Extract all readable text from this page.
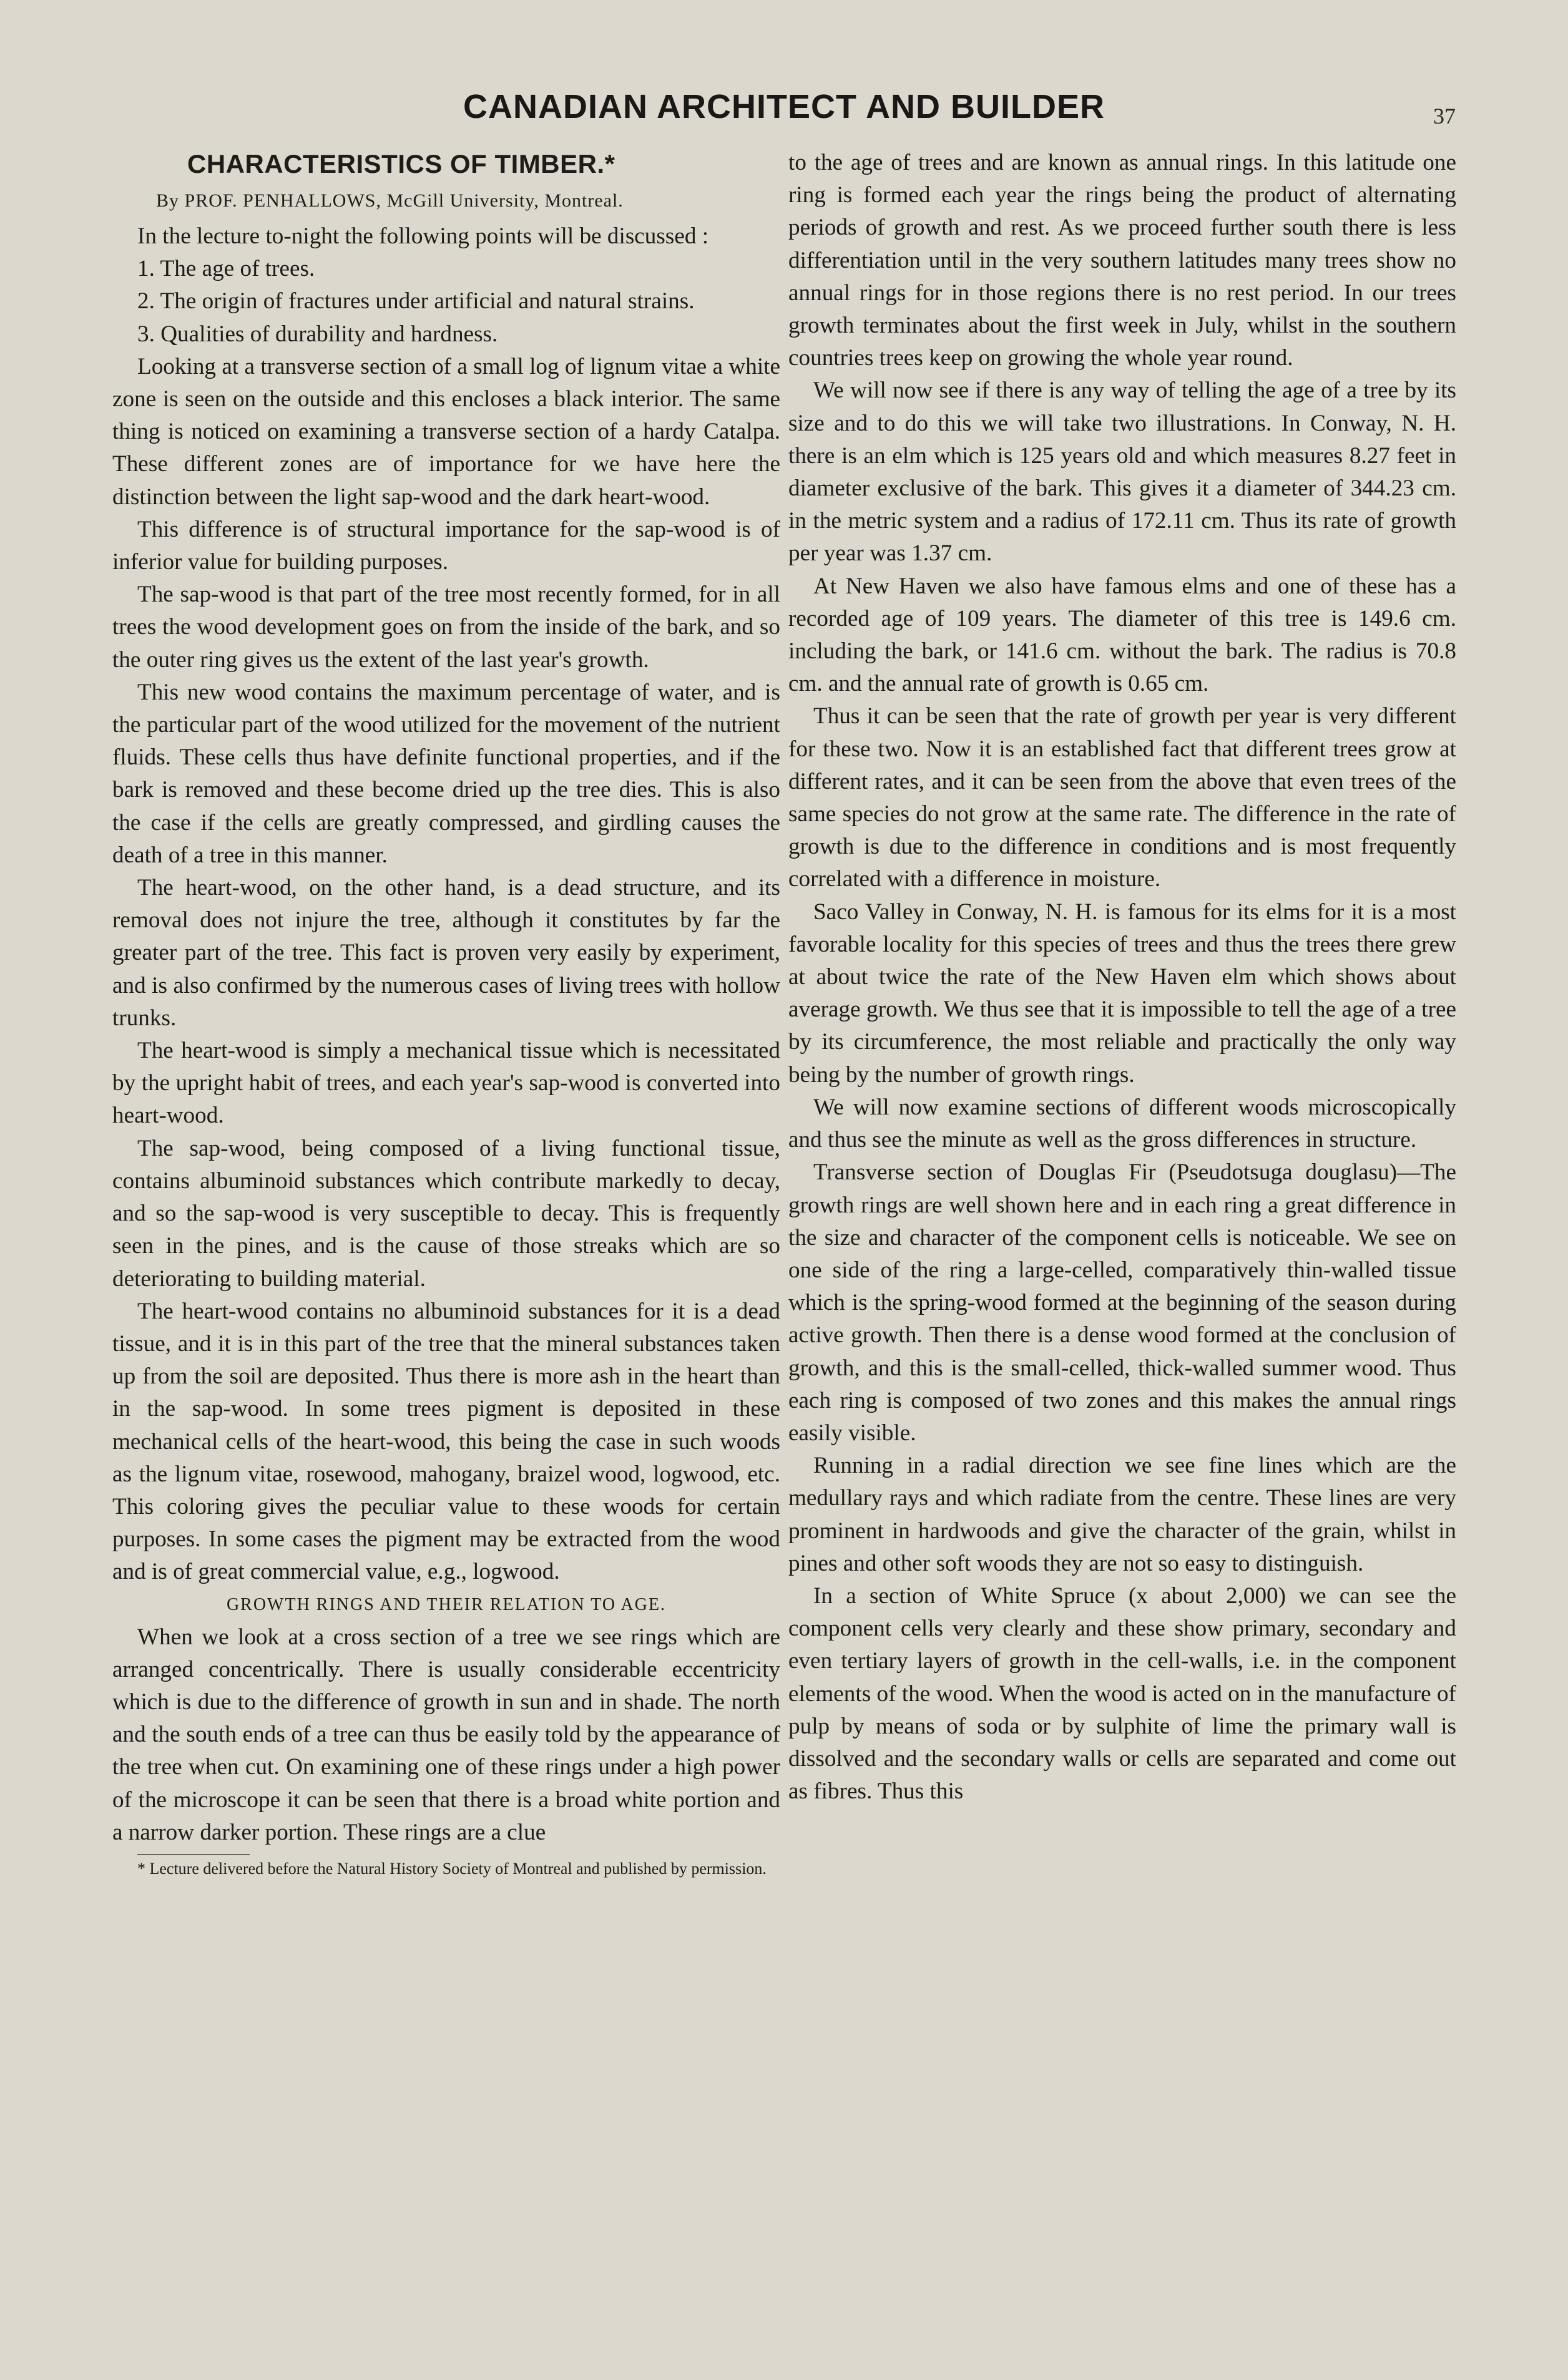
CANADIAN ARCHITECT AND BUILDER	37
CHARACTERISTICS OF TIMBER.*
By PROF. PENHALLOWS, McGill University, Montreal.

In the lecture to-night the following points will be discussed :

1. The age of trees.

2. The origin of fractures under artificial and natural strains.

3. Qualities of durability and hardness.

Looking at a transverse section of a small log of lignum vitae a white zone is seen on the outside and this encloses a black interior. The same thing is noticed on examining a transverse section of a hardy Catalpa. These different zones are of importance for we have here the distinction between the light sap-wood and the dark heart-wood.

This difference is of structural importance for the sap-wood is of inferior value for building purposes.

The sap-wood is that part of the tree most recently formed, for in all trees the wood development goes on from the inside of the bark, and so the outer ring gives us the extent of the last year's growth.

This new wood contains the maximum percentage of water, and is the particular part of the wood utilized for the movement of the nutrient fluids. These cells thus have definite functional properties, and if the bark is removed and these become dried up the tree dies. This is also the case if the cells are greatly compressed, and girdling causes the death of a tree in this manner.

The heart-wood, on the other hand, is a dead structure, and its removal does not injure the tree, although it constitutes by far the greater part of the tree. This fact is proven very easily by experiment, and is also confirmed by the numerous cases of living trees with hollow trunks.

The heart-wood is simply a mechanical tissue which is necessitated by the upright habit of trees, and each year's sap-wood is converted into heart-wood.

The sap-wood, being composed of a living functional tissue, contains albuminoid substances which contribute markedly to decay, and so the sap-wood is very susceptible to decay. This is frequently seen in the pines, and is the cause of those streaks which are so deteriorating to building material.

The heart-wood contains no albuminoid substances for it is a dead tissue, and it is in this part of the tree that the mineral substances taken up from the soil are deposited. Thus there is more ash in the heart than in the sap-wood. In some trees pigment is deposited in these mechanical cells of the heart-wood, this being the case in such woods as the lignum vitae, rosewood, mahogany, braizel wood, logwood, etc. This coloring gives the peculiar value to these woods for certain purposes. In some cases the pigment may be extracted from the wood and is of great commercial value, e.g., logwood.

GROWTH RINGS AND THEIR RELATION TO AGE.

When we look at a cross section of a tree we see rings which are arranged concentrically. There is usually considerable eccentricity which is due to the difference of growth in sun and in shade. The north and the south ends of a tree can thus be easily told by the appearance of the tree when cut. On examining one of these rings under a high power of the microscope it can be seen that there is a broad white portion and a narrow darker portion. These rings are a clue

* Lecture delivered before the Natural History Society of Montreal and published by permission.

to the age of trees and are known as annual rings. In this latitude one ring is formed each year the rings being the product of alternating periods of growth and rest. As we proceed further south there is less differentiation until in the very southern latitudes many trees show no annual rings for in those regions there is no rest period. In our trees growth terminates about the first week in July, whilst in the southern countries trees keep on growing the whole year round.

We will now see if there is any way of telling the age of a tree by its size and to do this we will take two illustrations. In Conway, N. H. there is an elm which is 125 years old and which measures 8.27 feet in diameter exclusive of the bark. This gives it a diameter of 344.23 cm. in the metric system and a radius of 172.11 cm. Thus its rate of growth per year was 1.37 cm.

At New Haven we also have famous elms and one of these has a recorded age of 109 years. The diameter of this tree is 149.6 cm. including the bark, or 141.6 cm. without the bark. The radius is 70.8 cm. and the annual rate of growth is 0.65 cm.

Thus it can be seen that the rate of growth per year is very different for these two. Now it is an established fact that different trees grow at different rates, and it can be seen from the above that even trees of the same species do not grow at the same rate. The difference in the rate of growth is due to the difference in conditions and is most frequently correlated with a difference in moisture.

Saco Valley in Conway, N. H. is famous for its elms for it is a most favorable locality for this species of trees and thus the trees there grew at about twice the rate of the New Haven elm which shows about average growth. We thus see that it is impossible to tell the age of a tree by its circumference, the most reliable and practically the only way being by the number of growth rings.

We will now examine sections of different woods microscopically and thus see the minute as well as the gross differences in structure.

Transverse section of Douglas Fir (Pseudotsuga douglasu)—The growth rings are well shown here and in each ring a great difference in the size and character of the component cells is noticeable. We see on one side of the ring a large-celled, comparatively thin-walled tissue which is the spring-wood formed at the beginning of the season during active growth. Then there is a dense wood formed at the conclusion of growth, and this is the small-celled, thick-walled summer wood. Thus each ring is composed of two zones and this makes the annual rings easily visible.

Running in a radial direction we see fine lines which are the medullary rays and which radiate from the centre. These lines are very prominent in hardwoods and give the character of the grain, whilst in pines and other soft woods they are not so easy to distinguish.

In a section of White Spruce (x about 2,000) we can see the component cells very clearly and these show primary, secondary and even tertiary layers of growth in the cell-walls, i.e. in the component elements of the wood. When the wood is acted on in the manufacture of pulp by means of soda or by sulphite of lime the primary wall is dissolved and the secondary walls or cells are separated and come out as fibres. Thus this
